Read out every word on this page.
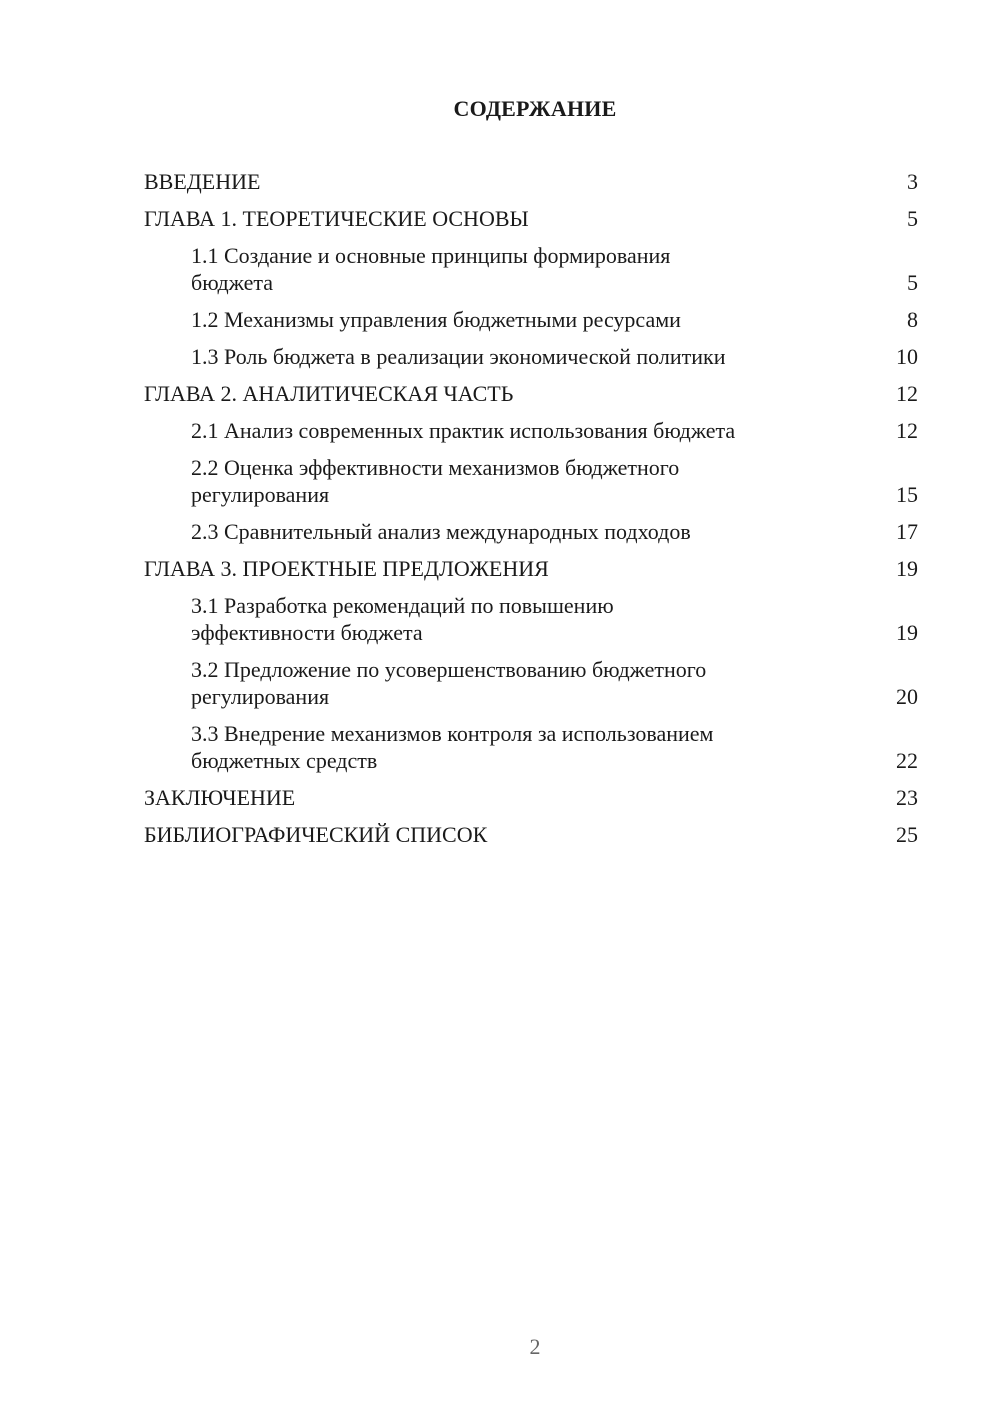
СОДЕРЖАНИЕ
ВВЕДЕНИЕ	3
ГЛАВА 1. ТЕОРЕТИЧЕСКИЕ ОСНОВЫ	5
1.1 Создание и основные принципы формирования бюджета	5
1.2 Механизмы управления бюджетными ресурсами	8
1.3 Роль бюджета в реализации экономической политики	10
ГЛАВА 2. АНАЛИТИЧЕСКАЯ ЧАСТЬ	12
2.1 Анализ современных практик использования бюджета	12
2.2 Оценка эффективности механизмов бюджетного регулирования	15
2.3 Сравнительный анализ международных подходов	17
ГЛАВА 3. ПРОЕКТНЫЕ ПРЕДЛОЖЕНИЯ	19
3.1 Разработка рекомендаций по повышению эффективности бюджета	19
3.2 Предложение по усовершенствованию бюджетного регулирования	20
3.3 Внедрение механизмов контроля за использованием бюджетных средств	22
ЗАКЛЮЧЕНИЕ	23
БИБЛИОГРАФИЧЕСКИЙ СПИСОК	25
2
